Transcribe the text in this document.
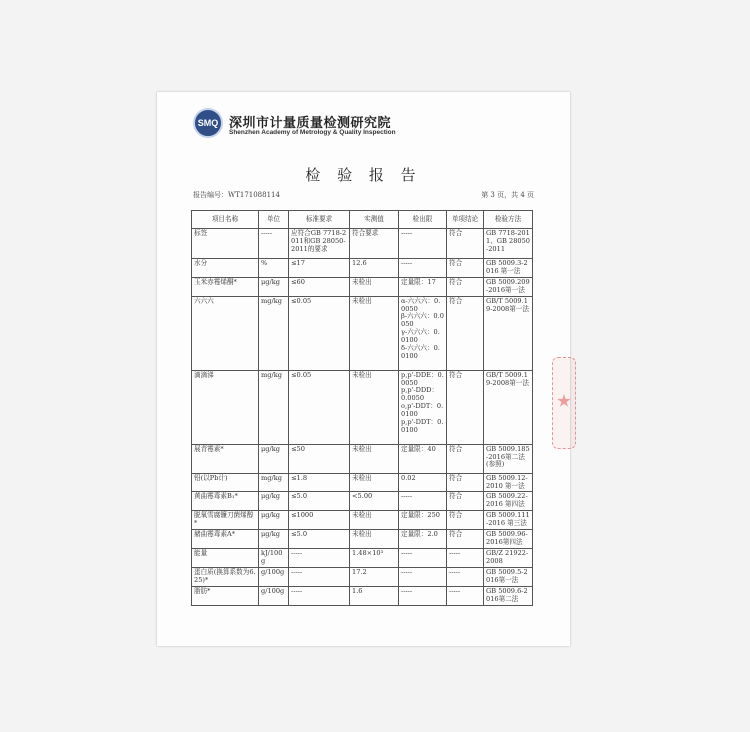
SMQ 深圳市计量质量检测研究院
Shenzhen Academy of Metrology & Quality Inspection
检 验 报 告
报告编号：WT171088114	第 3 页，共 4 页
项目名称	单位	标准要求	实测值	检出限	单项结论	检验方法
标签	-----	应符合GB 7718-2011和GB 28050-2011的要求	符合要求	-----	符合	GB 7718-2011、GB 28050-2011
水分	%	≤17	12.6	-----	符合	GB 5009.3-2016 第一法
玉米赤霉烯酮*	μg/kg	≤60	未检出	定量限：17	符合	GB 5009.209-2016第一法
六六六	mg/kg	≤0.05	未检出	α-六六六：0.0050
β-六六六：0.0050
γ-六六六：0.0100
δ-六六六：0.0100	符合	GB/T 5009.19-2008第一法
滴滴涕	mg/kg	≤0.05	未检出	p,p'-DDE：0.0050
p,p'-DDD：0.0050
o,p'-DDT：0.0100
p,p'-DDT：0.0100	符合	GB/T 5009.19-2008第一法
展青霉素*	μg/kg	≤50	未检出	定量限：40	符合	GB 5009.185-2016第二法(参照)
铅(以Pb计)	mg/kg	≤1.8	未检出	0.02	符合	GB 5009.12-2010 第一法
黄曲霉毒素B₁*	μg/kg	≤5.0	<5.00	-----	符合	GB 5009.22-2016 第四法
脱氧雪腐镰刀菌烯醇*	μg/kg	≤1000	未检出	定量限：250	符合	GB 5009.111-2016 第三法
赭曲霉毒素A*	μg/kg	≤5.0	未检出	定量限：2.0	符合	GB 5009.96-2016第四法
能量	kJ/100g	-----	1.48×10³	-----	-----	GB/Z 21922-2008
蛋白质(换算系数为6.25)*	g/100g	-----	17.2	-----	-----	GB 5009.5-2016第一法
脂肪*	g/100g	-----	1.6	-----	-----	GB 5009.6-2016第二法
